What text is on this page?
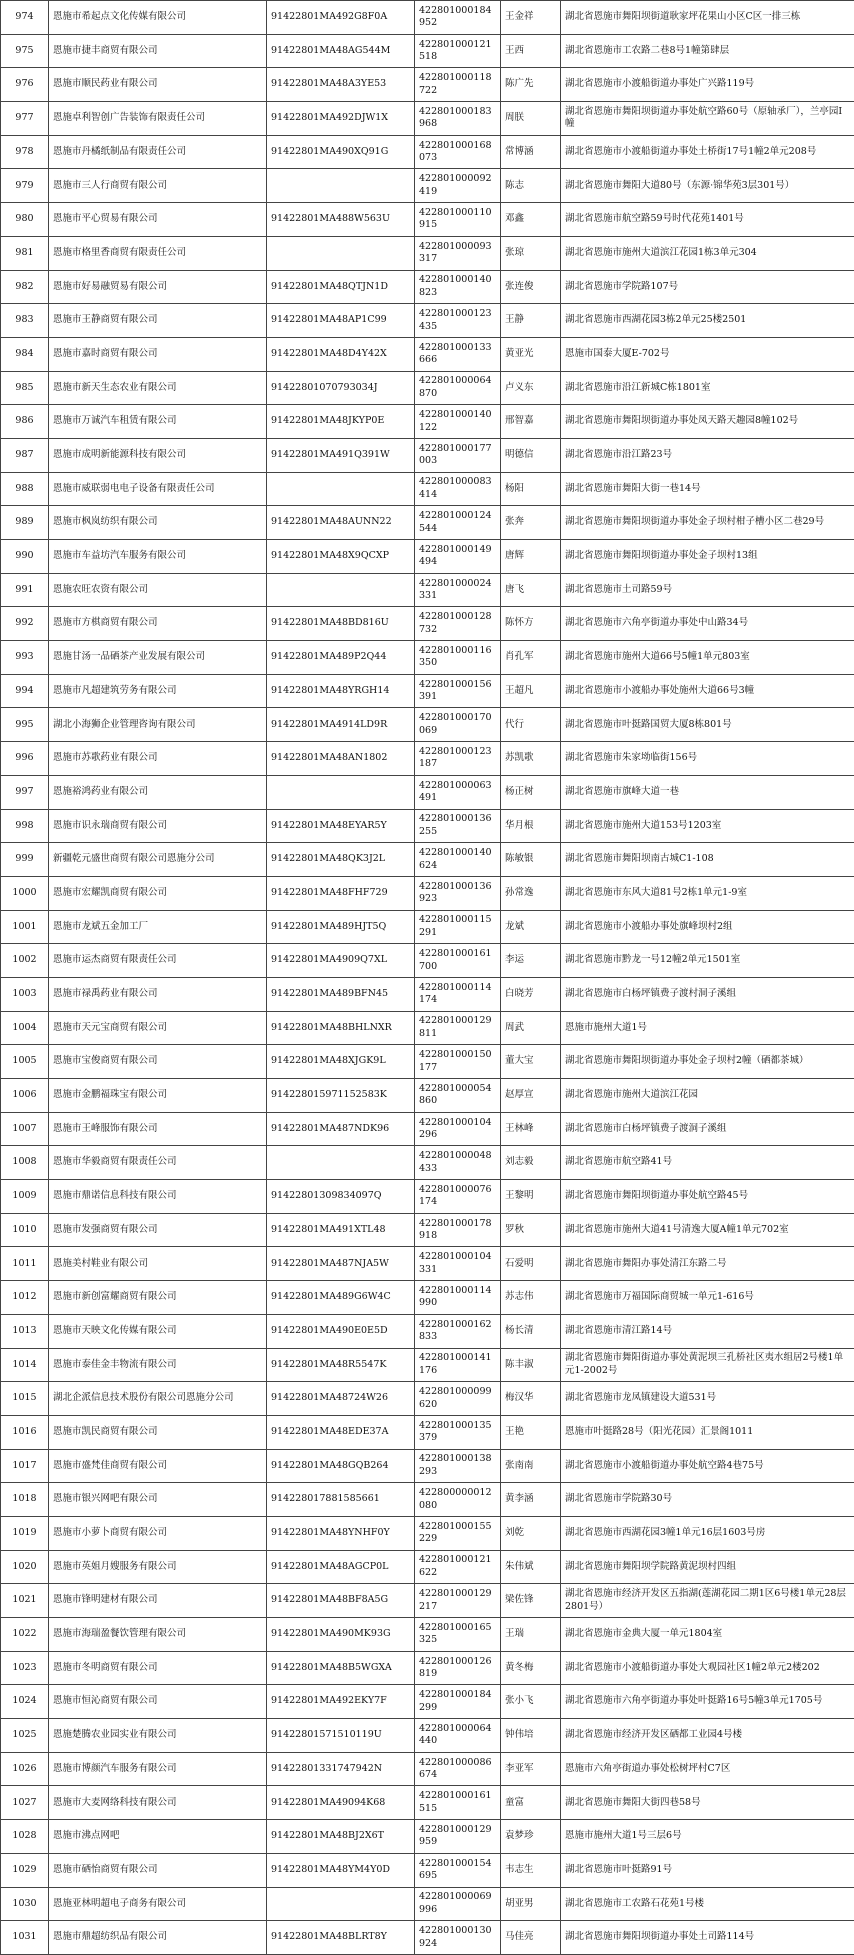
974	恩施市希起点文化传媒有限公司	91422801MA492G8F0A	422801000184952	王金祥	湖北省恩施市舞阳坝街道耿家坪花果山小区C区一排三栋
975	恩施市捷丰商贸有限公司	91422801MA48AG544M	422801000121518	王西	湖北省恩施市工农路二巷8号1幢第肆层
976	恩施市顺民药业有限公司	91422801MA48A3YE53	422801000118722	陈广先	湖北省恩施市小渡船街道办事处广兴路119号
977	恩施卓利智创广告装饰有限责任公司	91422801MA492DJW1X	422801000183968	周朕	湖北省恩施市舞阳坝街道办事处航空路60号（原轴承厂），兰亭园I幢
978	恩施市丹橘纸制品有限责任公司	91422801MA490XQ91G	422801000168073	常博涵	湖北省恩施市小渡船街道办事处土桥街17号1幢2单元208号
979	恩施市三人行商贸有限公司		422801000092419	陈志	湖北省恩施市舞阳大道80号（东源·锦华苑3层301号）
980	恩施市平心贸易有限公司	91422801MA488W563U	422801000110915	邓鑫	湖北省恩施市航空路59号时代花苑1401号
981	恩施市格里香商贸有限责任公司		422801000093317	张琼	湖北省恩施市施州大道滨江花园1栋3单元304
982	恩施市好易融贸易有限公司	91422801MA48QTJN1D	422801000140823	张连俊	湖北省恩施市学院路107号
983	恩施市王静商贸有限公司	91422801MA48AP1C99	422801000123435	王静	湖北省恩施市西湖花园3栋2单元25楼2501
984	恩施市嘉时商贸有限公司	91422801MA48D4Y42X	422801000133666	黄亚光	恩施市国泰大厦E-702号
985	恩施市新天生态农业有限公司	91422801070793034J	422801000064870	卢义东	湖北省恩施市沿江新城C栋1801室
986	恩施市万诚汽车租赁有限公司	91422801MA48JKYP0E	422801000140122	邢智嘉	湖北省恩施市舞阳坝街道办事处凤天路天趣园8幢102号
987	恩施市成明新能源科技有限公司	91422801MA491Q391W	422801000177003	明德信	湖北省恩施市沿江路23号
988	恩施市威联弱电电子设备有限责任公司		422801000083414	杨阳	湖北省恩施市舞阳大街一巷14号
989	恩施市枫岚纺织有限公司	91422801MA48AUNN22	422801000124544	张奔	湖北省恩施市舞阳坝街道办事处金子坝村柑子槽小区二巷29号
990	恩施市车益坊汽车服务有限公司	91422801MA48X9QCXP	422801000149494	唐辉	湖北省恩施市舞阳坝街道办事处金子坝村13组
991	恩施农旺农资有限公司		422801000024331	唐飞	湖北省恩施市土司路59号
992	恩施市方棋商贸有限公司	91422801MA48BD816U	422801000128732	陈怀方	湖北省恩施市六角亭街道办事处中山路34号
993	恩施甘汤一品硒茶产业发展有限公司	91422801MA489P2Q44	422801000116350	肖孔军	湖北省恩施市施州大道66号5幢1单元803室
994	恩施市凡超建筑劳务有限公司	91422801MA48YRGH14	422801000156391	王超凡	湖北省恩施市小渡船办事处施州大道66号3幢
995	湖北小海狮企业管理咨询有限公司	91422801MA4914LD9R	422801000170069	代行	湖北省恩施市叶挺路国贸大厦8栋801号
996	恩施市苏歌药业有限公司	91422801MA48AN1802	422801000123187	苏凯歌	湖北省恩施市朱家坳临街156号
997	恩施裕鸿药业有限公司		422801000063491	杨正树	湖北省恩施市旗峰大道一巷
998	恩施市识永瑞商贸有限公司	91422801MA48EYAR5Y	422801000136255	华月根	湖北省恩施市施州大道153号1203室
999	新疆乾元盛世商贸有限公司恩施分公司	91422801MA48QK3J2L	422801000140624	陈敏银	湖北省恩施市舞阳坝南古城C1-108
1000	恩施市宏耀凯商贸有限公司	91422801MA48FHF729	422801000136923	孙常逸	湖北省恩施市东风大道81号2栋1单元1-9室
1001	恩施市龙斌五金加工厂	91422801MA489HJT5Q	422801000115291	龙斌	湖北省恩施市小渡船办事处旗峰坝村2组
1002	恩施市运杰商贸有限责任公司	91422801MA4909Q7XL	422801000161700	李运	湖北省恩施市黔龙一号12幢2单元1501室
1003	恩施市禄禹药业有限公司	91422801MA489BFN45	422801000114174	白晓芳	湖北省恩施市白杨坪镇费子渡村洞子溪组
1004	恩施市天元宝商贸有限公司	91422801MA48BHLNXR	422801000129811	周武	恩施市施州大道1号
1005	恩施市宝俊商贸有限公司	91422801MA48XJGK9L	422801000150177	董大宝	湖北省恩施市舞阳坝街道办事处金子坝村2幢（硒都茶城）
1006	恩施市金鹏福珠宝有限公司	914228015971152583K	422801000054860	赵厚宣	湖北省恩施市施州大道滨江花园
1007	恩施市王峰服饰有限公司	91422801MA487NDK96	422801000104296	王林峰	湖北省恩施市白杨坪镇费子渡洞子溪组
1008	恩施市华毅商贸有限责任公司		422801000048433	刘志毅	湖北省恩施市航空路41号
1009	恩施市鼎诺信息科技有限公司	9142280130983​4097Q	422801000076174	王黎明	湖北省恩施市舞阳坝街道办事处航空路45号
1010	恩施市发强商贸有限公司	91422801MA491XTL48	422801000178918	罗秋	湖北省恩施市施州大道41号清逸大厦A幢1单元702室
1011	恩施美村鞋业有限公司	91422801MA487NJA5W	422801000104331	石爱明	湖北省恩施市舞阳办事处清江东路二号
1012	恩施市新创富耀商贸有限公司	91422801MA489G6W4C	422801000114990	苏志伟	湖北省恩施市万福国际商贸城一单元1-616号
1013	恩施市天映文化传媒有限公司	91422801MA490E0E5D	422801000162833	杨长清	湖北省恩施市清江路14号
1014	恩施市泰佳金丰物流有限公司	91422801MA48R5547K	422801000141176	陈丰淑	湖北省恩施市舞阳街道办事处黄泥坝三孔桥社区夷水组居2号楼1单元1-2002号
1015	湖北企派信息技术股份有限公司恩施分公司	91422801MA48724W26	422801000099620	梅汉华	湖北省恩施市龙凤镇建设大道531号
1016	恩施市凯民商贸有限公司	91422801MA48EDE37A	422801000135379	王艳	恩施市叶挺路28号（阳光花园）汇景阁1011
1017	恩施市盛梵佳商贸有限公司	91422801MA48GQB264	422801000138293	张南南	湖北省恩施市小渡船街道办事处航空路4巷75号
1018	恩施市银兴网吧有限公司	91422801788158566​1	422800000012080	黄李涵	湖北省恩施市学院路30号
1019	恩施市小萝卜商贸有限公司	91422801MA48YNHF0Y	422801000155229	刘乾	湖北省恩施市西湖花园3幢1单元16层1603号房
1020	恩施市英姐月嫂服务有限公司	91422801MA48AGCP0L	422801000121622	朱伟斌	湖北省恩施市舞阳坝学院路黄泥坝村四组
1021	恩施市锋明建材有限公司	91422801MA48BF8A5G	422801000129217	梁佐锋	湖北省恩施市经济开发区五指湖(莲湖花园二期1区6号楼1单元28层2801号）
1022	恩施市海瑞盈餐饮管理有限公司	91422801MA490MK93G	422801000165325	王瑞	湖北省恩施市金典大厦一单元1804室
1023	恩施市冬明商贸有限公司	91422801MA48B5WGXA	422801000126819	黄冬梅	湖北省恩施市小渡船街道办事处大观园社区1幢2单元2楼202
1024	恩施市恒沁商贸有限公司	91422801MA492EKY7F	422801000184299	张小飞	湖北省恩施市六角亭街道办事处叶挺路16号5幢3单元1705号
1025	恩施楚腾农业园实业有限公司	91422801571510119U	422801000064440	钟伟培	湖北省恩施市经济开发区硒都工业园4号楼
1026	恩施市博颜汽车服务有限公司	91422801331747942N	422801000086674	李亚军	恩施市六角亭街道办事处松树坪村C7区
1027	恩施市大麦网络科技有限公司	91422801MA49094K68	422801000161515	童富	湖北省恩施市舞阳大街四巷58号
1028	恩施市沸点网吧	91422801MA48BJ2X6T	422801000129959	袁梦珍	恩施市施州大道1号三层6号
1029	恩施市硒怡商贸有限公司	91422801MA48YM4Y0D	422801000154695	韦志生	湖北省恩施市叶挺路91号
1030	恩施亚林明超电子商务有限公司		422801000069996	胡亚男	湖北省恩施市工农路石花苑1号楼
1031	恩施市鼎超纺织品有限公司	91422801MA48BLRT8Y	422801000130924	马佳亮	湖北省恩施市舞阳坝街道办事处土司路114号
